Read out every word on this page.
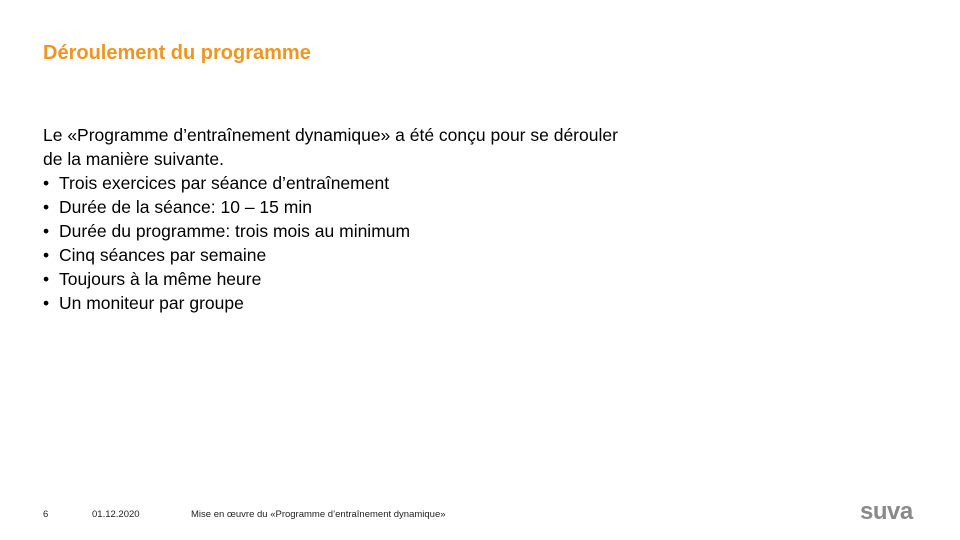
Déroulement du programme

Le «Programme d’entraînement dynamique» a été conçu pour se dérouler
de la manière suivante.

• Trois exercices par séance d’entraînement
• Durée de la séance: 10 – 15 min
• Durée du programme: trois mois au minimum
• Cinq séances par semaine
• Toujours à la même heure
• Un moniteur par groupe
6	01.12.2020	Mise en œuvre du «Programme d’entraînement dynamique»	suva
